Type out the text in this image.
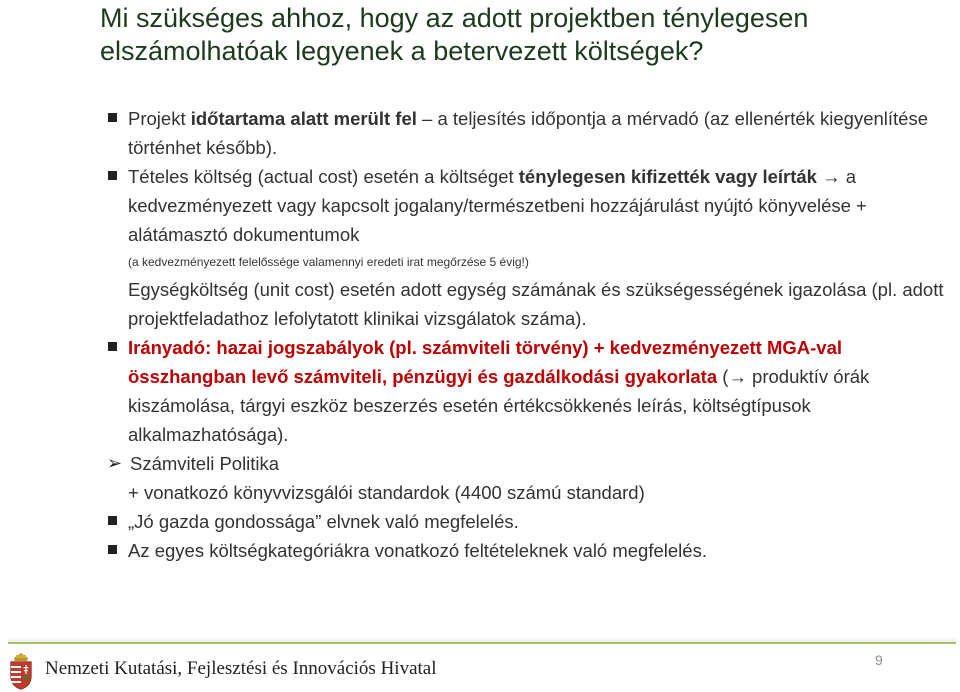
Mi szükséges ahhoz, hogy az adott projektben ténylegesen
elszámolhatóak legyenek a betervezett költségek?
Projekt időtartama alatt merült fel – a teljesítés időpontja a mérvadó (az ellenérték kiegyenlítése történhet később).
Tételes költség (actual cost) esetén a költséget ténylegesen kifizették vagy leírták → a kedvezményezett vagy kapcsolt jogalany/természetbeni hozzájárulást nyújtó könyvelése + alátámasztó dokumentumok
(a kedvezményezett felelőssége valamennyi eredeti irat megőrzése 5 évig!)
Egységköltség (unit cost) esetén adott egység számának és szükségességének igazolása (pl. adott projektfeladathoz lefolytatott klinikai vizsgálatok száma).
Irányadó: hazai jogszabályok (pl. számviteli törvény) + kedvezményezett MGA-val összhangban levő számviteli, pénzügyi és gazdálkodási gyakorlata (→ produktív órák kiszámolása, tárgyi eszköz beszerzés esetén értékcsökkenés leírás, költségtípusok alkalmazhatósága).
➢ Számviteli Politika
+ vonatkozó könyvvizsgálói standardok (4400 számú standard)
„Jó gazda gondossága” elvnek való megfelelés.
Az egyes költségkategóriákra vonatkozó feltételeknek való megfelelés.
Nemzeti Kutatási, Fejlesztési és Innovációs Hivatal	9
